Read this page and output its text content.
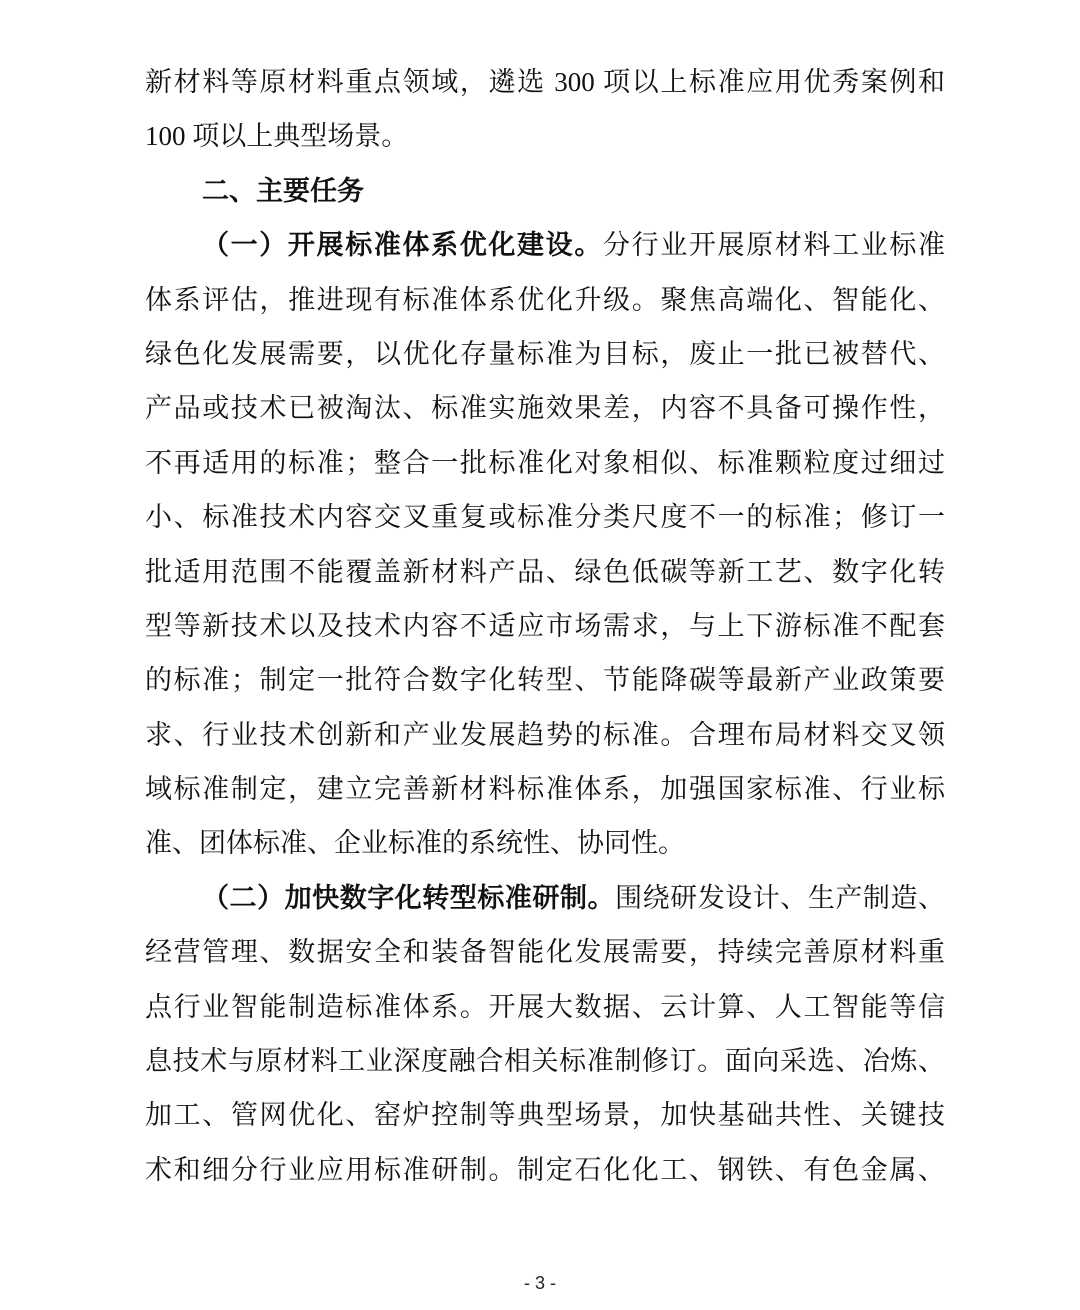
新材料等原材料重点领域，遴选 300 项以上标准应用优秀案例和
100 项以上典型场景。
二、主要任务
（一）开展标准体系优化建设。分行业开展原材料工业标准
体系评估，推进现有标准体系优化升级。聚焦高端化、智能化、
绿色化发展需要，以优化存量标准为目标，废止一批已被替代、
产品或技术已被淘汰、标准实施效果差，内容不具备可操作性，
不再适用的标准；整合一批标准化对象相似、标准颗粒度过细过
小、标准技术内容交叉重复或标准分类尺度不一的标准；修订一
批适用范围不能覆盖新材料产品、绿色低碳等新工艺、数字化转
型等新技术以及技术内容不适应市场需求，与上下游标准不配套
的标准；制定一批符合数字化转型、节能降碳等最新产业政策要
求、行业技术创新和产业发展趋势的标准。合理布局材料交叉领
域标准制定，建立完善新材料标准体系，加强国家标准、行业标
准、团体标准、企业标准的系统性、协同性。
（二）加快数字化转型标准研制。围绕研发设计、生产制造、
经营管理、数据安全和装备智能化发展需要，持续完善原材料重
点行业智能制造标准体系。开展大数据、云计算、人工智能等信
息技术与原材料工业深度融合相关标准制修订。面向采选、冶炼、
加工、管网优化、窑炉控制等典型场景，加快基础共性、关键技
术和细分行业应用标准研制。制定石化化工、钢铁、有色金属、
- 3 -
